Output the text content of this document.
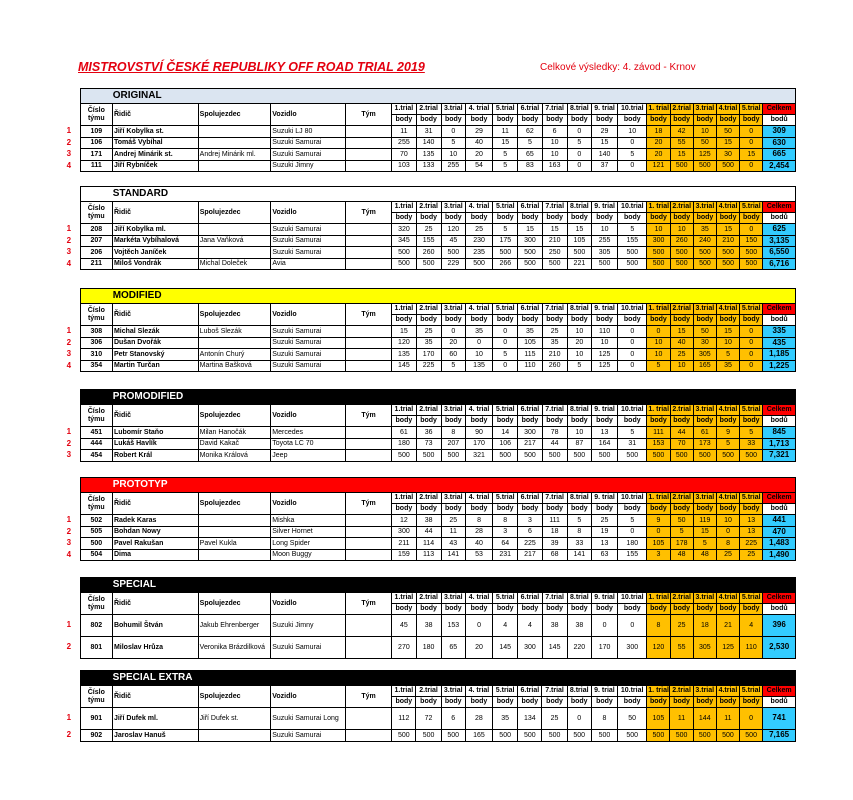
MISTROVSTVÍ ČESKÉ REPUBLIKY OFF ROAD TRIAL 2019	Celkové výsledky: 4. závod - Krnov
	ORIGINAL																				
	Číslo týmu	Řidič	Spolujezdec	Vozidlo	Tým	1.trial	2.trial	3.trial	4. trial	5.trial	6.trial	7.trial	8.trial	9. trial	10.trial	1. trial	2.trial	3.trial	4.trial	5.trial	Celkem
						body	body	body	body	body	body	body	body	body	body	body	body	body	body	body	bodů
1	109	Jiří Kobylka st.		Suzuki LJ 80		11	31	0	29	11	62	6	0	29	10	18	42	10	50	0	309
2	106	Tomáš Vybíhal		Suzuki Samurai		255	140	5	40	15	5	10	5	15	0	20	55	50	15	0	630
3	171	Andrej Minárik st.	Andrej Minárik ml.	Suzuki Samurai		70	135	10	20	5	65	10	0	140	5	20	15	125	30	15	665
4	111	Jiří Rybníček		Suzuki Jimny		103	133	255	54	5	83	163	0	37	0	121	500	500	500	0	2,454
	STANDARD																				
	Číslo týmu	Řidič	Spolujezdec	Vozidlo	Tým	1.trial	2.trial	3.trial	4. trial	5.trial	6.trial	7.trial	8.trial	9. trial	10.trial	1. trial	2.trial	3.trial	4.trial	5.trial	Celkem
						body	body	body	body	body	body	body	body	body	body	body	body	body	body	body	bodů
1	208	Jiří Kobylka ml.		Suzuki Samurai		320	25	120	25	5	15	15	15	10	5	10	10	35	15	0	625
2	207	Markéta Vybíhalová	Jana Vaňková	Suzuki Samurai		345	155	45	230	175	300	210	105	255	155	300	260	240	210	150	3,135
3	206	Vojtěch Janíček		Suzuki Samurai		500	260	500	235	500	500	250	500	305	500	500	500	500	500	500	6,550
4	211	Miloš Vondrák	Michal Doleček	Avia		500	500	229	500	266	500	500	221	500	500	500	500	500	500	500	6,716
	MODIFIED																				
	Číslo týmu	Řidič	Spolujezdec	Vozidlo	Tým	1.trial	2.trial	3.trial	4. trial	5.trial	6.trial	7.trial	8.trial	9. trial	10.trial	1. trial	2.trial	3.trial	4.trial	5.trial	Celkem
						body	body	body	body	body	body	body	body	body	body	body	body	body	body	body	bodů
1	308	Michal Slezák	Luboš Slezák	Suzuki Samurai		15	25	0	35	0	35	25	10	110	0	0	15	50	15	0	335
2	306	Dušan Dvořák		Suzuki Samurai		120	35	20	0	0	105	35	20	10	0	10	40	30	10	0	435
3	310	Petr Stanovský	Antonín Churý	Suzuki Samurai		135	170	60	10	5	115	210	10	125	0	10	25	305	5	0	1,185
4	354	Martin Turčan	Martina Bašková	Suzuki Samurai		145	225	5	135	0	110	260	5	125	0	5	10	165	35	0	1,225
	PROMODIFIED																				
	Číslo týmu	Řidič	Spolujezdec	Vozidlo	Tým	1.trial	2.trial	3.trial	4. trial	5.trial	6.trial	7.trial	8.trial	9. trial	10.trial	1. trial	2.trial	3.trial	4.trial	5.trial	Celkem
						body	body	body	body	body	body	body	body	body	body	body	body	body	body	body	bodů
1	451	Lubomír Staňo	Milan Hanočák	Mercedes		61	36	8	90	14	300	78	10	13	5	111	44	61	9	5	845
2	444	Lukáš Havlík	David Kakač	Toyota LC 70		180	73	207	170	106	217	44	87	164	31	153	70	173	5	33	1,713
3	454	Robert Král	Monika Králová	Jeep		500	500	500	321	500	500	500	500	500	500	500	500	500	500	500	7,321
	PROTOTYP																				
	Číslo týmu	Řidič	Spolujezdec	Vozidlo	Tým	1.trial	2.trial	3.trial	4. trial	5.trial	6.trial	7.trial	8.trial	9. trial	10.trial	1. trial	2.trial	3.trial	4.trial	5.trial	Celkem
						body	body	body	body	body	body	body	body	body	body	body	body	body	body	body	bodů
1	502	Radek Karas		Mishka		12	38	25	8	8	3	111	5	25	5	9	50	119	10	13	441
2	505	Bohdan Nowy		Silver Hornet		300	44	11	28	3	6	18	8	19	0	0	5	15	0	13	470
3	500	Pavel Rakušan	Pavel Kukla	Long Spider		211	114	43	40	64	225	39	33	13	180	105	178	5	8	225	1,483
4	504	Dima		Moon Buggy		159	113	141	53	231	217	68	141	63	155	3	48	48	25	25	1,490
	SPECIAL																				
	Číslo týmu	Řidič	Spolujezdec	Vozidlo	Tým	1.trial	2.trial	3.trial	4. trial	5.trial	6.trial	7.trial	8.trial	9. trial	10.trial	1. trial	2.trial	3.trial	4.trial	5.trial	Celkem
						body	body	body	body	body	body	body	body	body	body	body	body	body	body	body	bodů
1	802	Bohumil Štván	Jakub Ehrenberger	Suzuki Jimny		45	38	153	0	4	4	38	38	0	0	8	25	18	21	4	396
2	801	Miloslav Hrůza	Veronika Brázdilková	Suzuki Samurai		270	180	65	20	145	300	145	220	170	300	120	55	305	125	110	2,530
	SPECIAL EXTRA																				
	Číslo týmu	Řidič	Spolujezdec	Vozidlo	Tým	1.trial	2.trial	3.trial	4. trial	5.trial	6.trial	7.trial	8.trial	9. trial	10.trial	1. trial	2.trial	3.trial	4.trial	5.trial	Celkem
						body	body	body	body	body	body	body	body	body	body	body	body	body	body	body	bodů
1	901	Jiří Dufek ml.	Jiří Dufek st.	Suzuki Samurai Long		112	72	6	28	35	134	25	0	8	50	105	11	144	11	0	741
2	902	Jaroslav Hanuš		Suzuki Samurai		500	500	500	165	500	500	500	500	500	500	500	500	500	500	500	7,165
